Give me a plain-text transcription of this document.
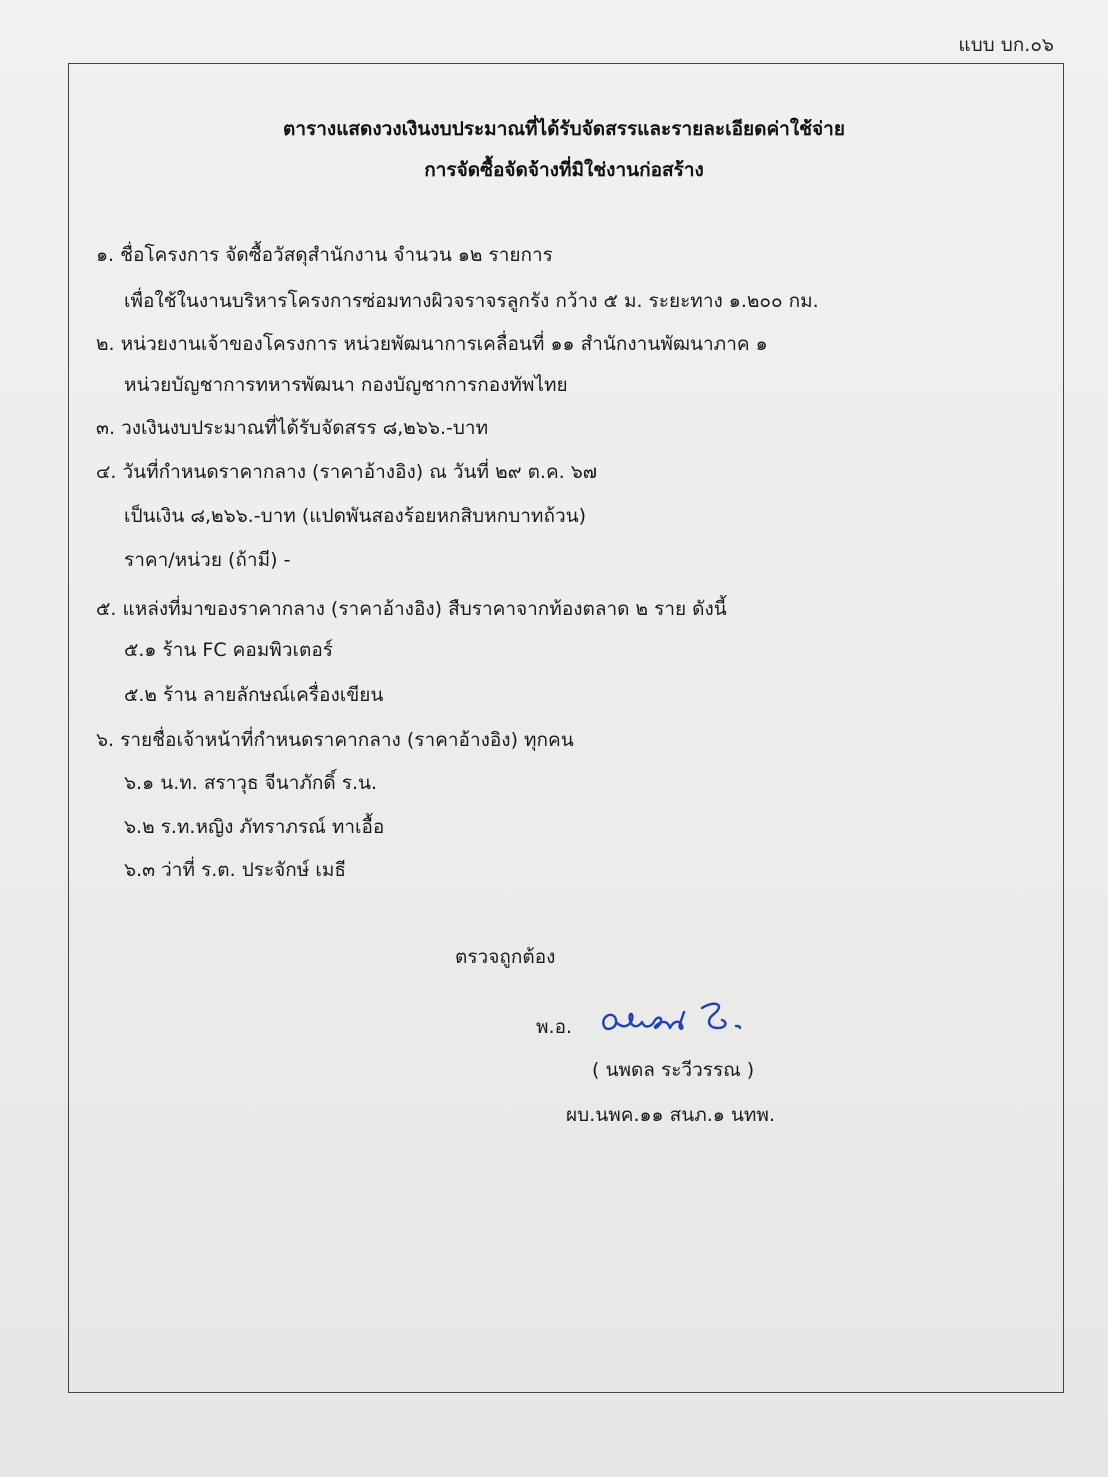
แบบ บก.๐๖
ตารางแสดงวงเงินงบประมาณที่ได้รับจัดสรรและรายละเอียดค่าใช้จ่าย
การจัดซื้อจัดจ้างที่มิใช่งานก่อสร้าง
๑. ชื่อโครงการ จัดซื้อวัสดุสำนักงาน จำนวน ๑๒ รายการ
เพื่อใช้ในงานบริหารโครงการซ่อมทางผิวจราจรลูกรัง กว้าง ๕ ม. ระยะทาง ๑.๒๐๐ กม.
๒. หน่วยงานเจ้าของโครงการ หน่วยพัฒนาการเคลื่อนที่ ๑๑ สำนักงานพัฒนาภาค ๑
หน่วยบัญชาการทหารพัฒนา กองบัญชาการกองทัพไทย
๓. วงเงินงบประมาณที่ได้รับจัดสรร ๘,๒๖๖.-บาท
๔. วันที่กำหนดราคากลาง (ราคาอ้างอิง) ณ วันที่ ๒๙ ต.ค. ๖๗
เป็นเงิน ๘,๒๖๖.-บาท (แปดพันสองร้อยหกสิบหกบาทถ้วน)
ราคา/หน่วย (ถ้ามี) -
๕. แหล่งที่มาของราคากลาง (ราคาอ้างอิง) สืบราคาจากท้องตลาด ๒ ราย ดังนี้
๕.๑ ร้าน FC คอมพิวเตอร์
๕.๒ ร้าน ลายลักษณ์เครื่องเขียน
๖. รายชื่อเจ้าหน้าที่กำหนดราคากลาง (ราคาอ้างอิง) ทุกคน
๖.๑ น.ท. สราวุธ จีนาภักดิ์ ร.น.
๖.๒ ร.ท.หญิง ภัทราภรณ์ ทาเอื้อ
๖.๓ ว่าที่ ร.ต. ประจักษ์ เมธี
ตรวจถูกต้อง
พ.อ.
( นพดล ระวีวรรณ )
ผบ.นพค.๑๑ สนภ.๑ นทพ.
